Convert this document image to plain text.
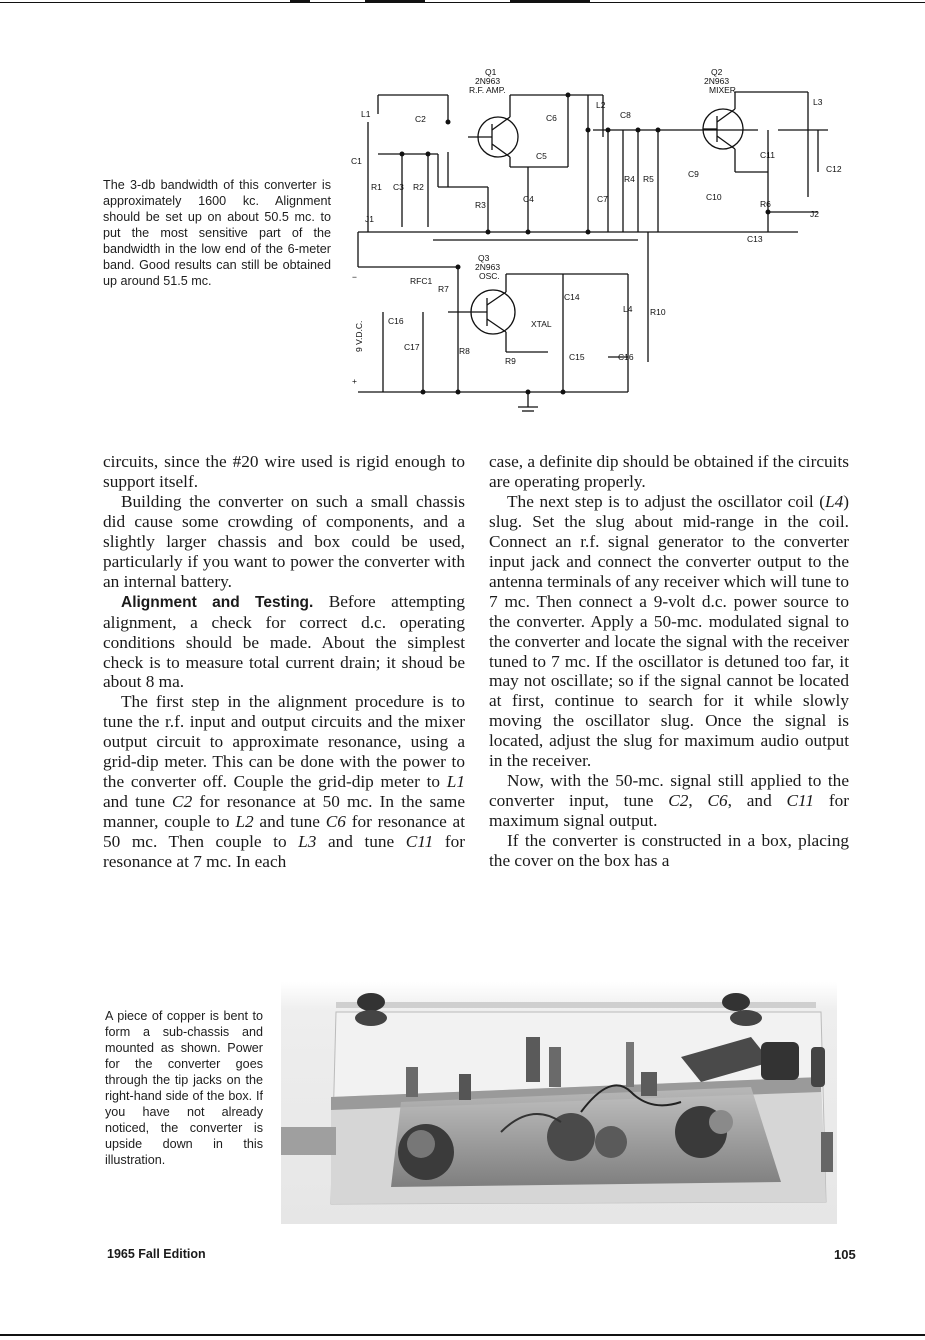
The 3-db bandwidth of this converter is approximately 1600 kc. Alignment should be set up on about 50.5 mc. to put the most sensitive part of the bandwidth in the low end of the 6-meter band. Good results can still be obtained up around 51.5 mc.
Q1
2N963
R.F. AMP.
Q2
2N963
MIXER
Q3
2N963
OSC.
L1
L2	L3
L4
C1
C2
C3
C4
C5
C6
C7
C8
C9
C10
C11
C12
C13
C14
C15	C16
C16
C17
R1	R2
R3
R4 R5
R6
R7
R8
R9
R10
J1	J2
RFC1
XTAL
−
+
9 V.D.C.

circuits, since the #20 wire used is rigid enough to support itself.

Building the converter on such a small chassis did cause some crowding of components, and a slightly larger chassis and box could be used, particularly if you want to power the converter with an internal battery.

Alignment and Testing. Before attempting alignment, a check for correct d.c. operating conditions should be made. About the simplest check is to measure total current drain; it shoud be about 8 ma.

The first step in the alignment procedure is to tune the r.f. input and output circuits and the mixer output circuit to approximate resonance, using a grid-dip meter. This can be done with the power to the converter off. Couple the grid-dip meter to L1 and tune C2 for resonance at 50 mc. In the same manner, couple to L2 and tune C6 for resonance at 50 mc. Then couple to L3 and tune C11 for resonance at 7 mc. In each

case, a definite dip should be obtained if the circuits are operating properly.

The next step is to adjust the oscillator coil (L4) slug. Set the slug about mid-range in the coil. Connect an r.f. signal generator to the converter input jack and connect the converter output to the antenna terminals of any receiver which will tune to 7 mc. Then connect a 9-volt d.c. power source to the converter. Apply a 50-mc. modulated signal to the converter and locate the signal with the receiver tuned to 7 mc. If the oscillator is detuned too far, it may not oscillate; so if the signal cannot be located at first, continue to search for it while slowly moving the oscillator slug. Once the signal is located, adjust the slug for maximum audio output in the receiver.

Now, with the 50-mc. signal still applied to the converter input, tune C2, C6, and C11 for maximum signal output.

If the converter is constructed in a box, placing the cover on the box has a

A piece of copper is bent to form a sub-chassis and mounted as shown. Power for the converter goes through the tip jacks on the right-hand side of the box. If you have not already noticed, the converter is upside down in this illustration.
1965 Fall Edition	105
